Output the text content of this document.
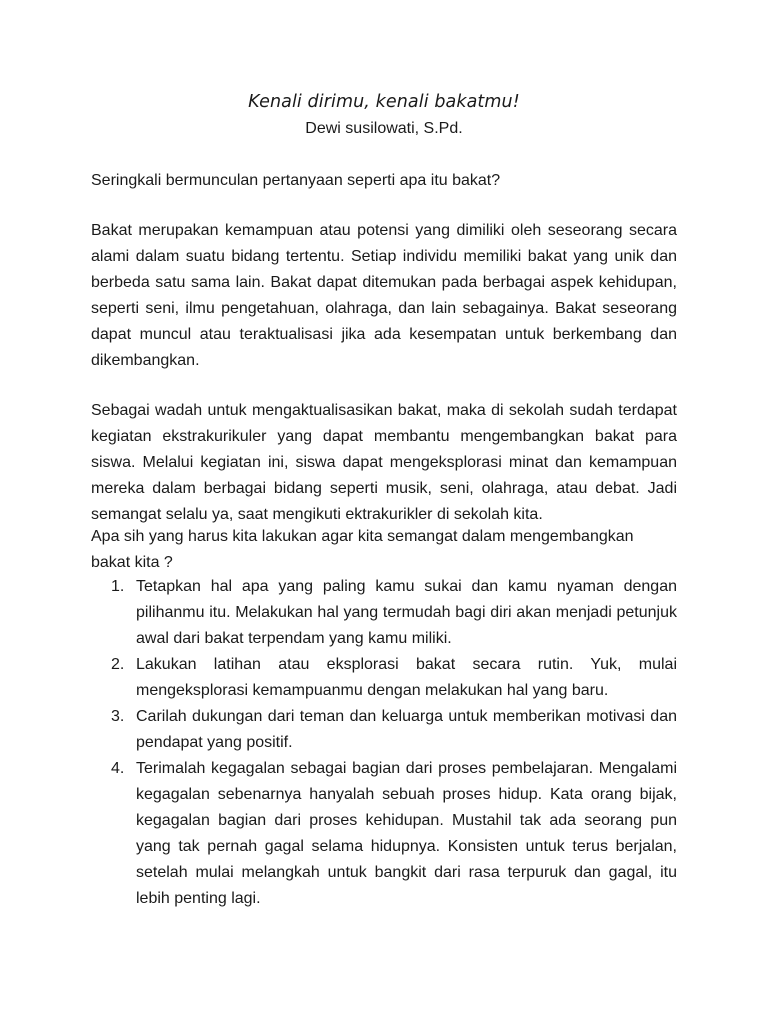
Kenali dirimu, kenali bakatmu!
Dewi susilowati, S.Pd.
Seringkali bermunculan pertanyaan seperti apa itu bakat?
Bakat merupakan kemampuan atau potensi yang dimiliki oleh seseorang secara alami dalam suatu bidang tertentu. Setiap individu memiliki bakat yang unik dan berbeda satu sama lain. Bakat dapat ditemukan pada berbagai aspek kehidupan, seperti seni, ilmu pengetahuan, olahraga, dan lain sebagainya. Bakat seseorang dapat muncul atau teraktualisasi jika ada kesempatan untuk berkembang dan dikembangkan.
Sebagai wadah untuk mengaktualisasikan bakat, maka di sekolah sudah terdapat kegiatan ekstrakurikuler yang dapat membantu mengembangkan bakat para siswa. Melalui kegiatan ini, siswa dapat mengeksplorasi minat dan kemampuan mereka dalam berbagai bidang seperti musik, seni, olahraga, atau debat. Jadi semangat selalu ya, saat mengikuti ektrakurikler di sekolah kita.
Apa sih yang harus kita lakukan agar kita semangat dalam mengembangkan bakat kita ?
1. Tetapkan hal apa yang paling kamu sukai dan kamu nyaman dengan pilihanmu itu. Melakukan hal yang termudah bagi diri akan menjadi petunjuk awal dari bakat terpendam yang kamu miliki.
2. Lakukan latihan atau eksplorasi bakat secara rutin. Yuk, mulai mengeksplorasi kemampuanmu dengan melakukan hal yang baru.
3. Carilah dukungan dari teman dan keluarga untuk memberikan motivasi dan pendapat yang positif.
4. Terimalah kegagalan sebagai bagian dari proses pembelajaran. Mengalami kegagalan sebenarnya hanyalah sebuah proses hidup. Kata orang bijak, kegagalan bagian dari proses kehidupan. Mustahil tak ada seorang pun yang tak pernah gagal selama hidupnya. Konsisten untuk terus berjalan, setelah mulai melangkah untuk bangkit dari rasa terpuruk dan gagal, itu lebih penting lagi.
